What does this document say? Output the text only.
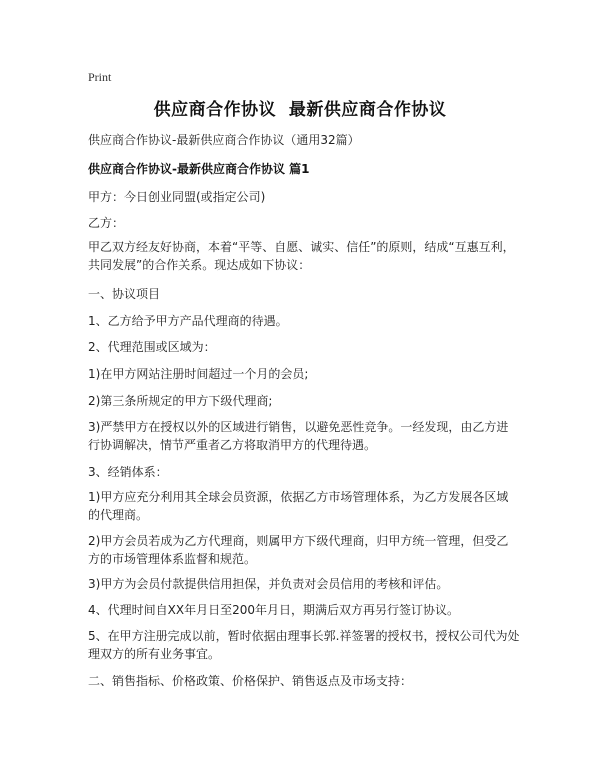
Print
供应商合作协议  最新供应商合作协议
供应商合作协议-最新供应商合作协议（通用32篇）
供应商合作协议-最新供应商合作协议 篇1
甲方：今日创业同盟(或指定公司)
乙方：
甲乙双方经友好协商，本着“平等、自愿、诚实、信任”的原则，结成“互惠互利，共同发展”的合作关系。现达成如下协议：
一、协议项目
1、乙方给予甲方产品代理商的待遇。
2、代理范围或区域为：
1)在甲方网站注册时间超过一个月的会员;
2)第三条所规定的甲方下级代理商;
3)严禁甲方在授权以外的区域进行销售，以避免恶性竞争。一经发现，由乙方进行协调解决，情节严重者乙方将取消甲方的代理待遇。
3、经销体系：
1)甲方应充分利用其全球会员资源，依据乙方市场管理体系，为乙方发展各区域的代理商。
2)甲方会员若成为乙方代理商，则属甲方下级代理商，归甲方统一管理，但受乙方的市场管理体系监督和规范。
3)甲方为会员付款提供信用担保，并负责对会员信用的考核和评估。
4、代理时间自XX年月日至200年月日，期满后双方再另行签订协议。
5、在甲方注册完成以前，暂时依据由理事长郭.祥签署的授权书，授权公司代为处理双方的所有业务事宜。
二、销售指标、价格政策、价格保护、销售返点及市场支持：
